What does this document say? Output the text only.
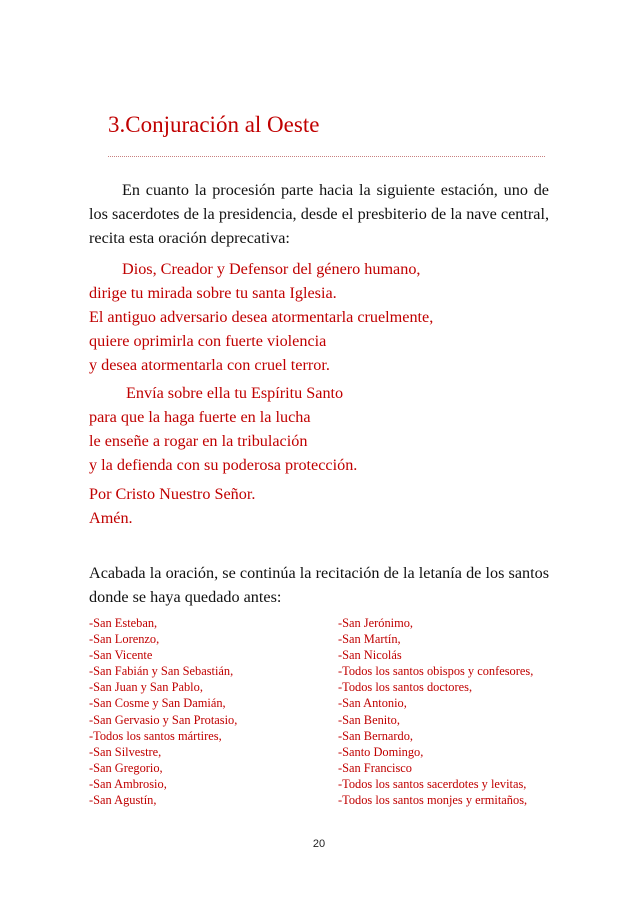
3.Conjuración al Oeste

En cuanto la procesión parte hacia la siguiente estación, uno de los sacerdotes de la presidencia, desde el presbiterio de la nave central, recita esta oración deprecativa:

Dios, Creador y Defensor del género humano,
dirige tu mirada sobre tu santa Iglesia.
El antiguo adversario desea atormentarla cruelmente,
quiere oprimirla con fuerte violencia
y desea atormentarla con cruel terror.
Envía sobre ella tu Espíritu Santo
para que la haga fuerte en la lucha
le enseñe a rogar en la tribulación
y la defienda con su poderosa protección.
Por Cristo Nuestro Señor.
Amén.

Acabada la oración, se continúa la recitación de la letanía de los santos donde se haya quedado antes:

-San Esteban,
-San Lorenzo,
-San Vicente
-San Fabián y San Sebastián,
-San Juan y San Pablo,
-San Cosme y San Damián,
-San Gervasio y San Protasio,
-Todos los santos mártires,
-San Silvestre,
-San Gregorio,
-San Ambrosio,
-San Agustín,
-San Jerónimo,
-San Martín,
-San Nicolás
-Todos los santos obispos y confesores,
-Todos los santos doctores,
-San Antonio,
-San Benito,
-San Bernardo,
-Santo Domingo,
-San Francisco
-Todos los santos sacerdotes y levitas,
-Todos los santos monjes y ermitaños,
20
